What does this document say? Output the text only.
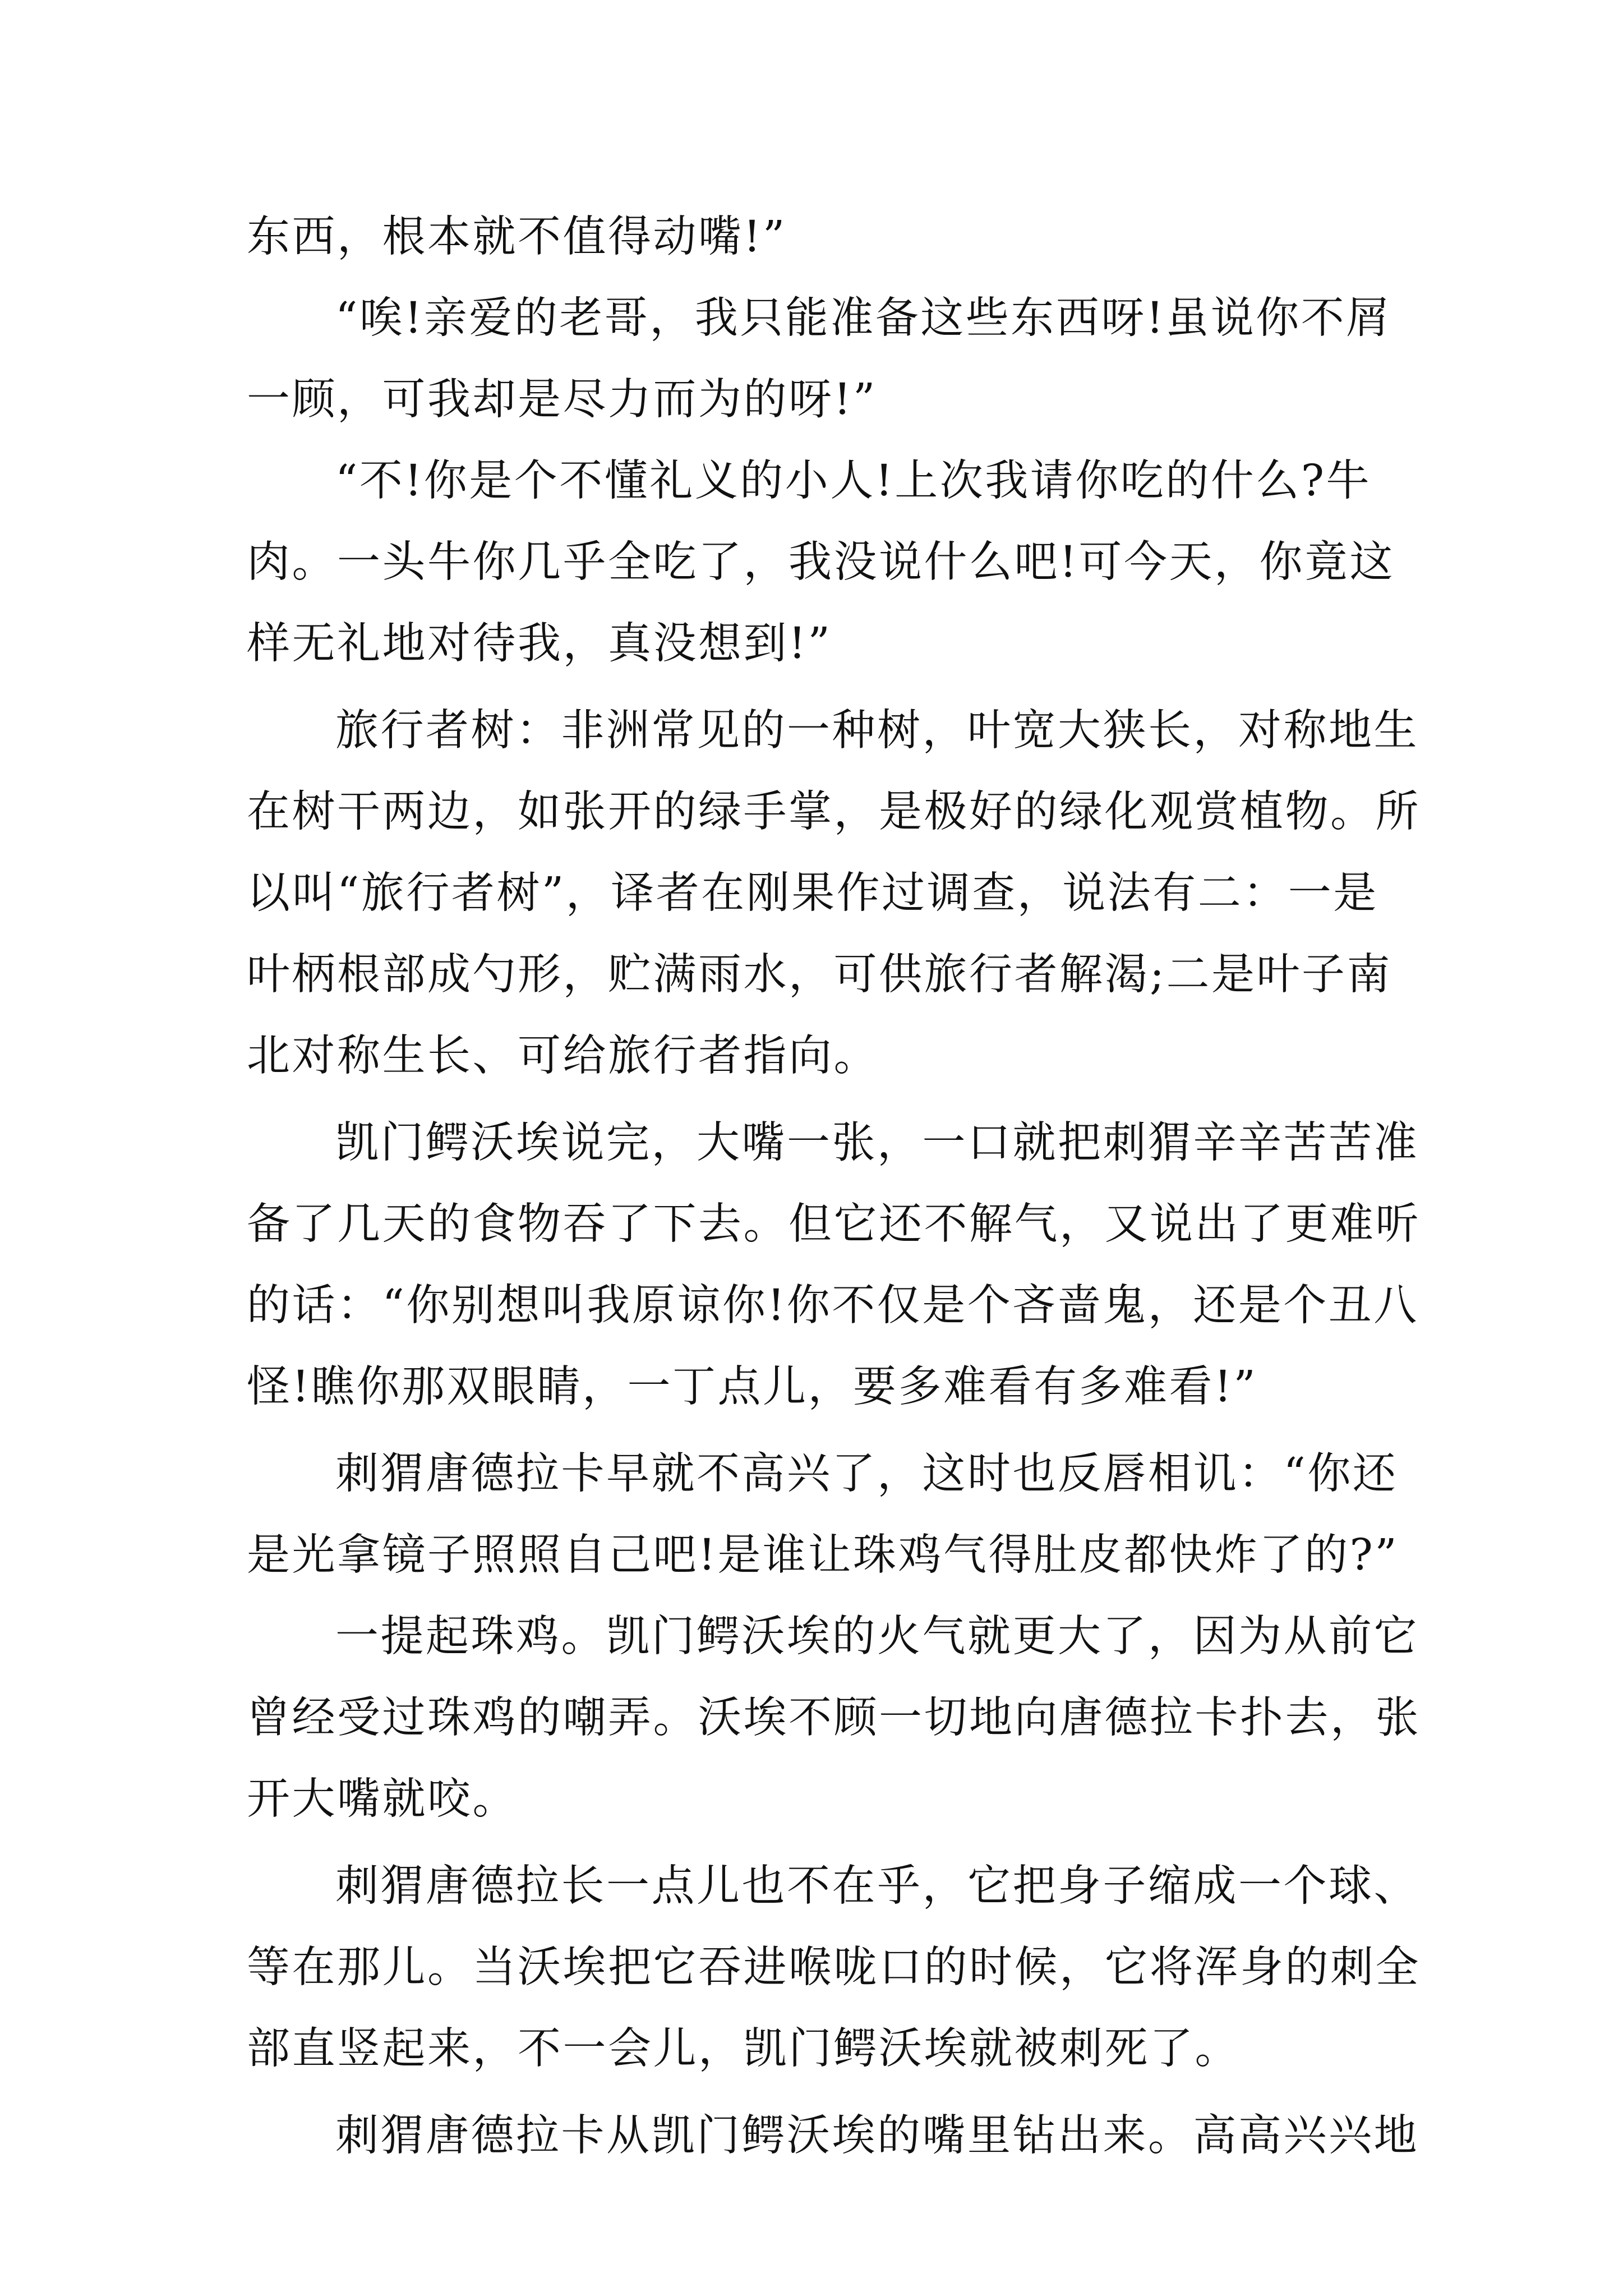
东西，根本就不值得动嘴!”
“唉!亲爱的老哥，我只能准备这些东西呀!虽说你不屑
一顾，可我却是尽力而为的呀!”
“不!你是个不懂礼义的小人!上次我请你吃的什么?牛
肉。一头牛你几乎全吃了，我没说什么吧!可今天，你竟这
样无礼地对待我，真没想到!”
旅行者树：非洲常见的一种树，叶宽大狭长，对称地生
在树干两边，如张开的绿手掌，是极好的绿化观赏植物。所
以叫“旅行者树”，译者在刚果作过调查，说法有二：一是
叶柄根部成勺形，贮满雨水，可供旅行者解渴;二是叶子南
北对称生长、可给旅行者指向。
凯门鳄沃埃说完，大嘴一张，一口就把刺猬辛辛苦苦准
备了几天的食物吞了下去。但它还不解气，又说出了更难听
的话：“你别想叫我原谅你!你不仅是个吝啬鬼，还是个丑八
怪!瞧你那双眼睛，一丁点儿，要多难看有多难看!”
刺猬唐德拉卡早就不高兴了，这时也反唇相讥：“你还
是光拿镜子照照自己吧!是谁让珠鸡气得肚皮都快炸了的?”
一提起珠鸡。凯门鳄沃埃的火气就更大了，因为从前它
曾经受过珠鸡的嘲弄。沃埃不顾一切地向唐德拉卡扑去，张
开大嘴就咬。
刺猬唐德拉长一点儿也不在乎，它把身子缩成一个球、
等在那儿。当沃埃把它吞进喉咙口的时候，它将浑身的刺全
部直竖起来，不一会儿，凯门鳄沃埃就被刺死了。
刺猬唐德拉卡从凯门鳄沃埃的嘴里钻出来。高高兴兴地
